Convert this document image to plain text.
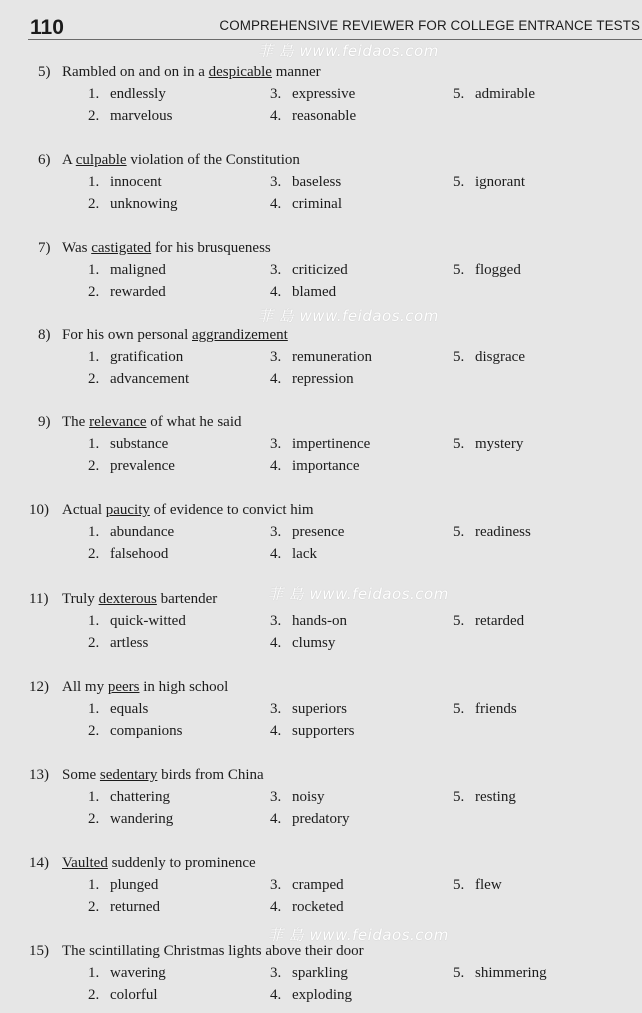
110	COMPREHENSIVE REVIEWER FOR COLLEGE ENTRANCE TESTS
菲 島 www.feidaos.com
菲 島 www.feidaos.com
菲 島 www.feidaos.com
菲 島 www.feidaos.com
5) Rambled on and on in a despicable manner
1. endlessly
2. marvelous
3. expressive
4. reasonable
5. admirable
6) A culpable violation of the Constitution
1. innocent
2. unknowing
3. baseless
4. criminal
5. ignorant
7) Was castigated for his brusqueness
1. maligned
2. rewarded
3. criticized
4. blamed
5. flogged
8) For his own personal aggrandizement
1. gratification
2. advancement
3. remuneration
4. repression
5. disgrace
9) The relevance of what he said
1. substance
2. prevalence
3. impertinence
4. importance
5. mystery
10) Actual paucity of evidence to convict him
1. abundance
2. falsehood
3. presence
4. lack
5. readiness
11) Truly dexterous bartender
1. quick-witted
2. artless
3. hands-on
4. clumsy
5. retarded
12) All my peers in high school
1. equals
2. companions
3. superiors
4. supporters
5. friends
13) Some sedentary birds from China
1. chattering
2. wandering
3. noisy
4. predatory
5. resting
14) Vaulted suddenly to prominence
1. plunged
2. returned
3. cramped
4. rocketed
5. flew
15) The scintillating Christmas lights above their door
1. wavering
2. colorful
3. sparkling
4. exploding
5. shimmering
